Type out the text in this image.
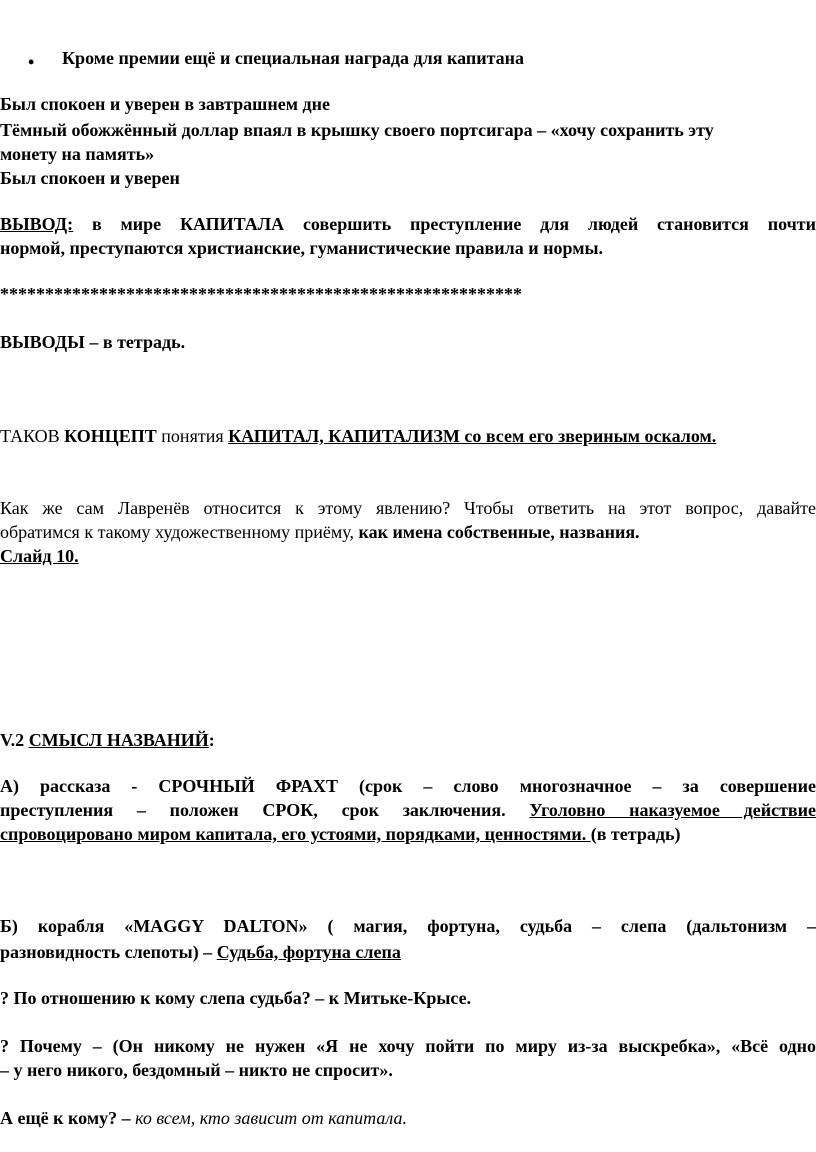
• Кроме премии ещё и специальная награда для капитана
Был спокоен и уверен в завтрашнем дне
Тёмный обожжённый доллар впаял в крышку своего портсигара – «хочу сохранить эту
монету на память»
Был спокоен и уверен
ВЫВОД: в мире КАПИТАЛА совершить преступление для людей становится почти
нормой, преступаются христианские, гуманистические правила и нормы.
**********************************************************
ВЫВОДЫ – в тетрадь.
ТАКОВ КОНЦЕПТ понятия КАПИТАЛ, КАПИТАЛИЗМ со всем его звериным оскалом.
Как же сам Лавренёв относится к этому явлению? Чтобы ответить на этот вопрос, давайте
обратимся к такому художественному приёму, как имена собственные, названия.
Слайд 10.
V.2 СМЫСЛ НАЗВАНИЙ:
А) рассказа - СРОЧНЫЙ ФРАХТ (срок – слово многозначное – за совершение
преступления – положен СРОК, срок заключения. Уголовно наказуемое действие
спровоцировано миром капитала, его устоями, порядками, ценностями. (в тетрадь)
Б) корабля «MAGGY DALTON» ( магия, фортуна, судьба – слепа (дальтонизм –
разновидность слепоты) – Судьба, фортуна слепа
? По отношению к кому слепа судьба? – к Митьке-Крысе.
? Почему – (Он никому не нужен «Я не хочу пойти по миру из-за выскребка», «Всё одно
– у него никого, бездомный – никто не спросит».
А ещё к кому? – ко всем, кто зависит от капитала.
